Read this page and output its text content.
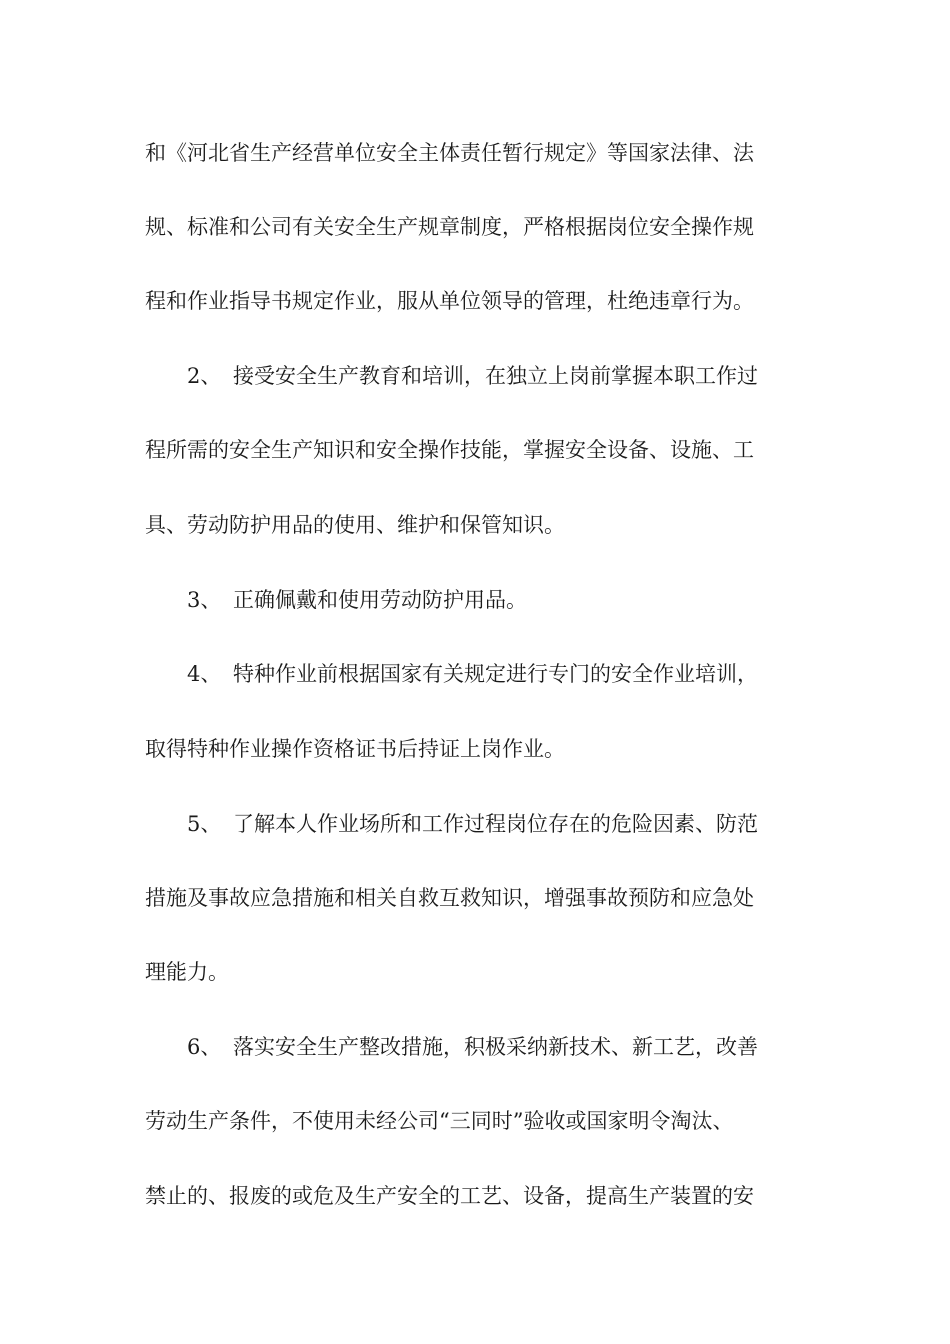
和《河北省生产经营单位安全主体责任暂行规定》等国家法律、法
规、标准和公司有关安全生产规章制度，严格根据岗位安全操作规
程和作业指导书规定作业，服从单位领导的管理，杜绝违章行为。
2、 接受安全生产教育和培训，在独立上岗前掌握本职工作过
程所需的安全生产知识和安全操作技能，掌握安全设备、设施、工
具、劳动防护用品的使用、维护和保管知识。
3、 正确佩戴和使用劳动防护用品。
4、 特种作业前根据国家有关规定进行专门的安全作业培训，
取得特种作业操作资格证书后持证上岗作业。
5、 了解本人作业场所和工作过程岗位存在的危险因素、防范
措施及事故应急措施和相关自救互救知识，增强事故预防和应急处
理能力。
6、 落实安全生产整改措施，积极采纳新技术、新工艺，改善
劳动生产条件，不使用未经公司“三同时”验收或国家明令淘汰、
禁止的、报废的或危及生产安全的工艺、设备，提高生产装置的安
